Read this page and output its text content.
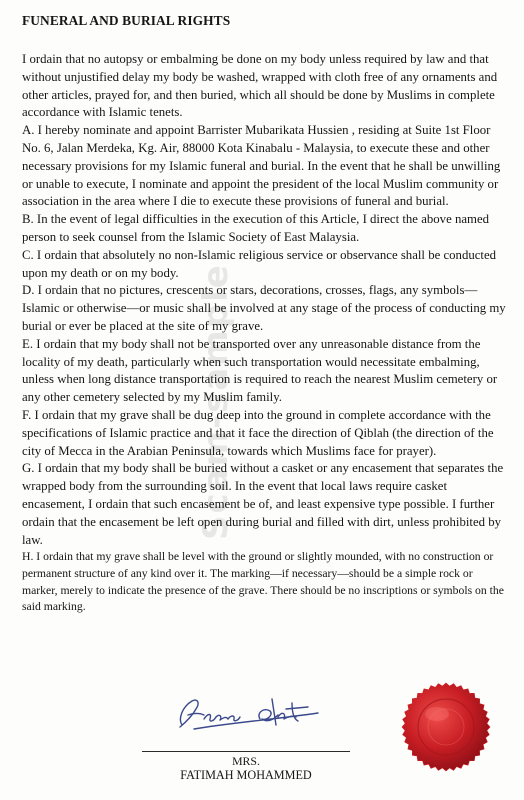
FUNERAL AND BURIAL RIGHTS
Scam-sample

I ordain that no autopsy or embalming be done on my body unless required by law and that without unjustified delay my body be washed, wrapped with cloth free of any ornaments and other articles, prayed for, and then buried, which all should be done by Muslims in complete accordance with Islamic tenets.

A. I hereby nominate and appoint Barrister Mubarikata Hussien , residing at Suite 1st Floor No. 6, Jalan Merdeka, Kg. Air, 88000 Kota Kinabalu - Malaysia, to execute these and other necessary provisions for my Islamic funeral and burial. In the event that he shall be unwilling or unable to execute, I nominate and appoint the president of the local Muslim community or association in the area where I die to execute these provisions of funeral and burial.

B. In the event of legal difficulties in the execution of this Article, I direct the above named person to seek counsel from the Islamic Society of East Malaysia.

C. I ordain that absolutely no non-Islamic religious service or observance shall be conducted upon my death or on my body.

D. I ordain that no pictures, crescents or stars, decorations, crosses, flags, any symbols—Islamic or otherwise—or music shall be involved at any stage of the process of conducting my burial or ever be placed at the site of my grave.

E. I ordain that my body shall not be transported over any unreasonable distance from the locality of my death, particularly when such transportation would necessitate embalming, unless when long distance transportation is required to reach the nearest Muslim cemetery or any other cemetery selected by my Muslim family.

F. I ordain that my grave shall be dug deep into the ground in complete accordance with the specifications of Islamic practice and that it face the direction of Qiblah (the direction of the city of Mecca in the Arabian Peninsula, towards which Muslims face for prayer).

G. I ordain that my body shall be buried without a casket or any encasement that separates the wrapped body from the surrounding soil. In the event that local laws require casket encasement, I ordain that such encasement be of, and least expensive type possible. I further ordain that the encasement be left open during burial and filled with dirt, unless prohibited by law.

H. I ordain that my grave shall be level with the ground or slightly mounded, with no construction or permanent structure of any kind over it. The marking—if necessary—should be a simple rock or marker, merely to indicate the presence of the grave. There should be no inscriptions or symbols on the said marking.

MRS.
FATIMAH MOHAMMED
